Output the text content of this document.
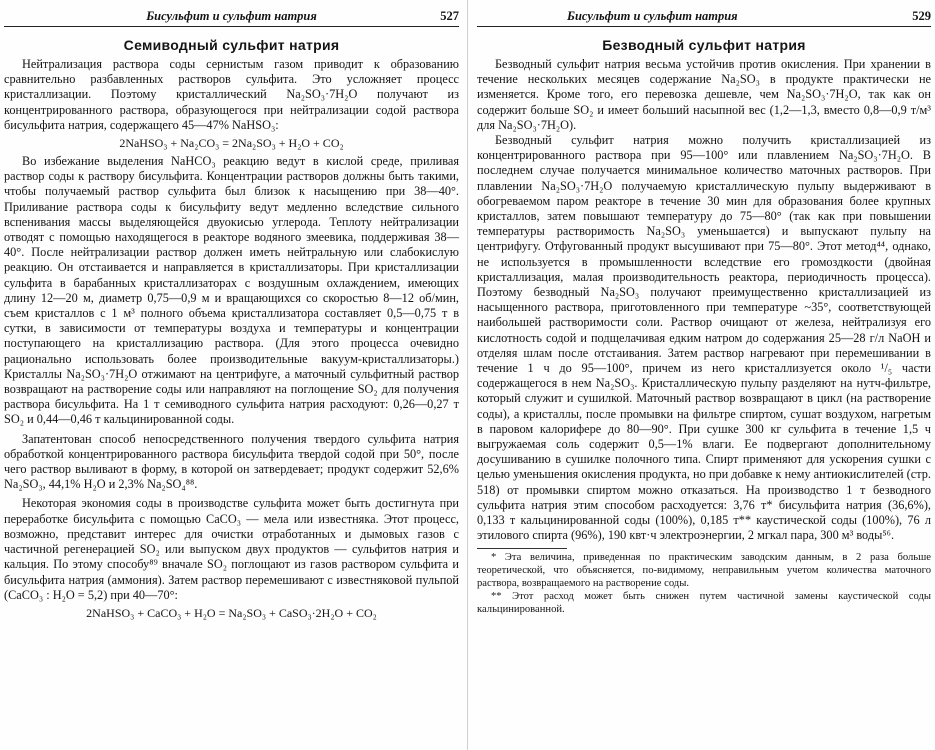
Бисульфит и сульфит натрия	527
Семиводный сульфит натрия

Нейтрализация раствора соды сернистым газом приводит к образованию сравнительно разбавленных растворов сульфита. Это усложняет процесс кристаллизации. Поэтому кристаллический Na₂SO₃·7H₂O получают из концентрированного раствора, образующегося при нейтрализации содой раствора бисульфита натрия, содержащего 45—47% NaHSO₃:

2NaHSO₃ + Na₂CO₃ = 2Na₂SO₃ + H₂O + CO₂

Во избежание выделения NaHCO₃ реакцию ведут в кислой среде, приливая раствор соды к раствору бисульфита. Концентрации растворов должны быть такими, чтобы получаемый раствор сульфита был близок к насыщению при 38—40°. Приливание раствора соды к бисульфиту ведут медленно вследствие сильного вспенивания массы выделяющейся двуокисью углерода. Теплоту нейтрализации отводят с помощью находящегося в реакторе водяного змеевика, поддерживая 38—40°. После нейтрализации раствор должен иметь нейтральную или слабокислую реакцию. Он отстаивается и направляется в кристаллизаторы. При кристаллизации сульфита в барабанных кристаллизаторах с воздушным охлаждением, имеющих длину 12—20 м, диаметр 0,75—0,9 м и вращающихся со скоростью 8—12 об/мин, съем кристаллов с 1 м³ полного объема кристаллизатора составляет 0,5—0,75 т в сутки, в зависимости от температуры воздуха и температуры и концентрации поступающего на кристаллизацию раствора. (Для этого процесса очевидно рационально использовать более производительные вакуум-кристаллизаторы.) Кристаллы Na₂SO₃·7H₂O отжимают на центрифуге, а маточный сульфитный раствор возвращают на растворение соды или направляют на поглощение SO₂ для получения раствора бисульфита. На 1 т семиводного сульфита натрия расходуют: 0,26—0,27 т SO₂ и 0,44—0,46 т кальцинированной соды.

Запатентован способ непосредственного получения твердого сульфита натрия обработкой концентрированного раствора бисульфита твердой содой при 50°, после чего раствор выливают в форму, в которой он затвердевает; продукт содержит 52,6% Na₂SO₃, 44,1% H₂O и 2,3% Na₂SO₄⁸⁸.

Некоторая экономия соды в производстве сульфита может быть достигнута при переработке бисульфита с помощью CaCO₃ — мела или известняка. Этот процесс, возможно, представит интерес для очистки отработанных и дымовых газов с частичной регенерацией SO₂ или выпуском двух продуктов — сульфитов натрия и кальция. По этому способу⁸⁹ вначале SO₂ поглощают из газов раствором сульфита и бисульфита натрия (аммония). Затем раствор перемешивают с известняковой пульпой (CaCO₃ : H₂O = 5,2) при 40—70°:

2NaHSO₃ + CaCO₃ + H₂O = Na₂SO₃ + CaSO₃·2H₂O + CO₂
Бисульфит и сульфит натрия	529
Безводный сульфит натрия

Безводный сульфит натрия весьма устойчив против окисления. При хранении в течение нескольких месяцев содержание Na₂SO₃ в продукте практически не изменяется. Кроме того, его перевозка дешевле, чем Na₂SO₃·7H₂O, так как он содержит больше SO₂ и имеет больший насыпной вес (1,2—1,3, вместо 0,8—0,9 т/м³ для Na₂SO₃·7H₂O).

Безводный сульфит натрия можно получить кристаллизацией из концентрированного раствора при 95—100° или плавлением Na₂SO₃·7H₂O. В последнем случае получается минимальное количество маточных растворов. При плавлении Na₂SO₃·7H₂O получаемую кристаллическую пульпу выдерживают в обогреваемом паром реакторе в течение 30 мин для образования более крупных кристаллов, затем повышают температуру до 75—80° (так как при повышении температуры растворимость Na₂SO₃ уменьшается) и выпускают пульпу на центрифугу. Отфугованный продукт высушивают при 75—80°. Этот метод⁴⁴, однако, не используется в промышленности вследствие его громоздкости (двойная кристаллизация, малая производительность реактора, периодичность процесса). Поэтому безводный Na₂SO₃ получают преимущественно кристаллизацией из насыщенного раствора, приготовленного при температуре ~35°, соответствующей наибольшей растворимости соли. Раствор очищают от железа, нейтрализуя его кислотность содой и подщелачивая едким натром до содержания 25—28 г/л NaOH и отделяя шлам после отстаивания. Затем раствор нагревают при перемешивании в течение 1 ч до 95—100°, причем из него кристаллизуется около ¹/₅ части содержащегося в нем Na₂SO₃. Кристаллическую пульпу разделяют на нутч-фильтре, который служит и сушилкой. Маточный раствор возвращают в цикл (на растворение соды), а кристаллы, после промывки на фильтре спиртом, сушат воздухом, нагретым в паровом калорифере до 80—90°. При сушке 300 кг сульфита в течение 1,5 ч выгружаемая соль содержит 0,5—1% влаги. Ее подвергают дополнительному досушиванию в сушилке полочного типа. Спирт применяют для ускорения сушки с целью уменьшения окисления продукта, но при добавке к нему антиокислителей (стр. 518) от промывки спиртом можно отказаться. На производство 1 т безводного сульфита натрия этим способом расходуется: 3,76 т* бисульфита натрия (36,6%), 0,133 т кальцинированной соды (100%), 0,185 т** каустической соды (100%), 76 л этилового спирта (96%), 190 квт·ч электроэнергии, 2 мгкал пара, 300 м³ воды⁵⁶.

* Эта величина, приведенная по практическим заводским данным, в 2 раза больше теоретической, что объясняется, по-видимому, неправильным учетом количества маточного раствора, возвращаемого на растворение соды.

** Этот расход может быть снижен путем частичной замены каустической соды кальцинированной.
